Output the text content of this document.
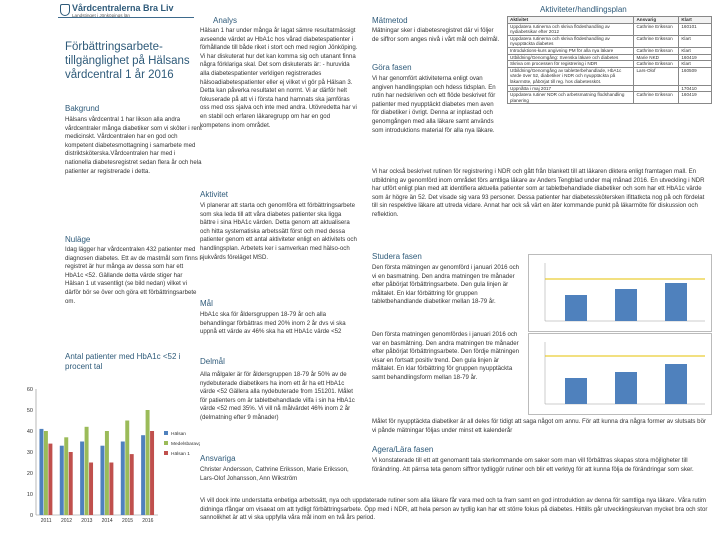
Vårdcentralerna Bra Liv
Landstinget i Jönköpings län
Förbättringsarbete- tillgänglighet på Hälsans vårdcentral 1 år 2016
Bakgrund
Hälsans vårdcentral 1 har likson alla andra vårdcentraler många diabetiker som vi sköter i rent medicinskt. Vårdcentralen har en god och kompetent diabetesmottagning i samarbete med distriktsköterska.Vårdcentralen har med i nationella diabetesregistret sedan flera år och hela patienter ar registrerade i detta.
Nuläge
Idag lägger har vårdcentralen 432 patienter med diagnosen diabetes. Ett av de mastmål som finns i registret är hur många av dessa som har ett HbA1c <52. Gällande detta värde stiger har Hälsan 1 ut vasentligt (se bild nedan) vilket vi därför bör se över och göra ett förbättringsarbete om.
Antal patienter med HbA1c <52 i procent tal
0
10
20
30
40
50
60
2011 2012 2013 2014 2015 2016
Hälsan
Medelsbaravg
Hälsan 1
Analys
Hälsan 1 har under många år lagat sämre resultatmässigt avseende värdet av HbA1c hos vårad diabetespatienter i förhållande till både riket i stort och med region Jönköping. Vi har diskuterat hur det kan komma sig och utanant finna några förklariga skal. Det som diskuterats är: - huruvida alla diabetespatienter verkligen registrerades hälsoadiabetespatienter eller ej vilket vi gör på Hälsan 3. Detta kan påverka resultatet en normt. Vi ar därför helt fokuserade på att vi i första hand hamnats ska jamföras oss med oss sjalva och inte med andra. Utövredetta har vi en stabil och erfaren läkaregrupp om har en god kompetens inom området.
Aktivitet
Vi planerar att starta och genomföra ett förbättringsarbete som ska leda till att våra diabetes patienter ska ligga bättre i sina HbA1c värden. Detta genom att aktualisera och hitta systematiska arbetssätt först och med dessa patienter genom ett antal aktiviteter enligt en aktivitets och handlingsplan. Arbetets ker i samverkan med hälso-och sjukvårds föreläget MSD.
Mål
HbA1c ska för åldersgruppen 18-79 år och alla behandlingar förbättras med 20% inom 2 år dvs vi ska uppnå ett värde av 46% ska ha ett HbA1c värde <52
Delmål
Alla målgaler är för åldersgruppen 18-79 år 50% av de nydebuterade diabetikers ha inom ett år ha ett HbA1c värde <52 Gällera alla nydebuterade from 151201. Målet för patienters om är tabletbehandlade vilfa i sin ha HbA1c värde <52 med 35%. Vi vill nå målvärdet 46% inom 2 år (delmatning efter 9 månader)
Ansvariga
Christer Andersson, Cathrine Eriksson, Marie Eriksson, Lars-Olof Johansson, Ann Wikström
Mätmetod
Mätningar sker i diabetesregistret där vi följer de siffror som anges nivå i vårt mål och delmål.
Göra fasen
Vi har genomfört aktiviteterna enligt ovan angiven handlingsplan och hdess tidsplan. En rutin har nedskriven och ett flöde beskrivet för patienter med nyupptäckt diabetes men aven för diabetiker i övrigt. Denna ar inplastad och genomgången med alla läkare samt används som introduktions material för alla nya läkare.
Vi har också beskrivet rutinen för registrering i NDR och gått från blankett till att läkaren diktera enligt framtagen mall. En utbildning av genomförd inom området förs amtliga läkare av Anders Tengblad under maj månad 2016. En utveckling i NDR har utfört enligt plan med att identifiera aktuella patienter som ar tabletbehandlade diabetiker och som har ett HbA1c värde som är högre än 52. Det visade sig vara 93 personer. Dessa patienter har diabetesskötersken ifittatkcta nog på och fördelat till sin respektive läkare att utreda vidare. Annat har ock så värt en äter kommande punkt på läkarmöte för diskussion och reflektion.
Studera fasen
Den första mätningen av genomförd i januari 2016 och vi en basmatning. Den andra matningen tre månader efter påbörjat förbättringsarbete. Den gula linjen är måltalet. En klar förbättring för gruppen tabletbehandlande diabetiker mellan 18-79 år.
Den första matningen genomfördes i januari 2016 och var en basmätning. Den andra matningen tre månader efter påbörjat förbättringsarbete. Den fördje mätningen visar en fortsatt positiv trend. Den gula linjen är måltalet. En klar förbättring för gruppen nyupptäckta samt behandlingsform mellan 18-79 år.
Målet för nyupptäckta diabetiker är all deles för tidigt att saga något om annu. För att kunna dra några former av slutsats bör vi pånde mätningar följas under minst ett kalenderår
Agera/Lära fasen
Vi konstaterade till ett att genomantt tala sterkommande om saker som man vill förbättras skapas stora möjligheter till förändring. Att pärrsa teta genom sifftror tydliggör rutiner och blir ett verktyg för att kunna följa de förändringar som sker.
Vi vill dock inte understatta enbetiga arbetssätt, nya och uppdaterade rutiner som alla läkare får vara med och ta fram samt en god introduktion av denna för samtliga nya läkare. Våra rutim didninga rfångar om visaeat om att tydligt förbättringsarbete. Öpp med i NDR, att hela person av tydlig kan har ett större fokus på diabetes. Hittills går utvecklingskurvan mycket bra och stor sannolikhet är att vi ska uppfylla våra mål inom en två års period.
Aktiviteter/handlingsplan
Aktivitet	Ansvarig	Klart
Uppdatera rutinerna och skriva flödeshandling av nydiabetsikar efter 2012	Cathrine Eriksson	160101
Uppdatera rutinerna och skriva flödeshandling av nyupptäckta diabetes	Cathrine Eriksson	Klart
Introduktions-kurs angivning PM för alla nya läkare	Cathrine Eriksson	Klart
Utbildning/Genomgång: Svenska läkare och diabetes	Marie NKD	160419
Skriva om processen för registrering i NDR	Cathrine Eriksson	Klart
Utbildning/Genomgång av tabletterbehandlade, HbA1c värde över 52, diabetiker i NDR och nyupptäckta på läkarmöte, påbörjat till reg. hos diabetessköt.	Lars-Olof	160509
Uppnåtta i maj 2017		170410
Uppdatera rutiner NDR och arbetsmatning flodshandling planering	Cathrine Eriksson	160419
